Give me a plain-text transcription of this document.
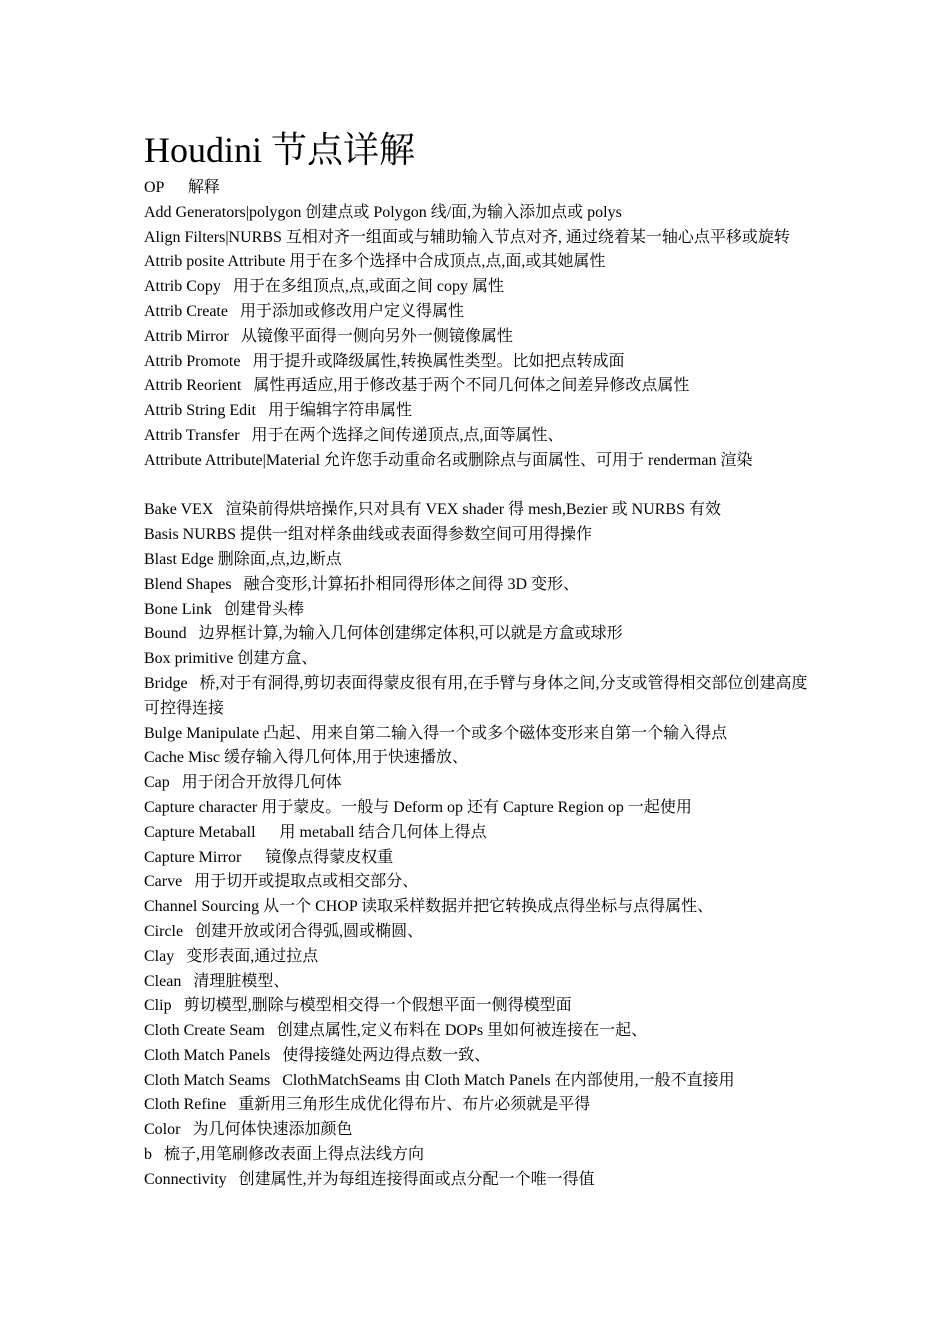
Houdini 节点详解
OP      解释
Add Generators|polygon 创建点或 Polygon 线/面,为输入添加点或 polys
Align Filters|NURBS 互相对齐一组面或与辅助输入节点对齐, 通过绕着某一轴心点平移或旋转
Attrib posite Attribute 用于在多个选择中合成顶点,点,面,或其她属性
Attrib Copy   用于在多组顶点,点,或面之间 copy 属性
Attrib Create   用于添加或修改用户定义得属性
Attrib Mirror   从镜像平面得一侧向另外一侧镜像属性
Attrib Promote   用于提升或降级属性,转换属性类型。比如把点转成面
Attrib Reorient   属性再适应,用于修改基于两个不同几何体之间差异修改点属性
Attrib String Edit   用于编辑字符串属性
Attrib Transfer   用于在两个选择之间传递顶点,点,面等属性、
Attribute Attribute|Material 允许您手动重命名或删除点与面属性、可用于 renderman 渲染
Bake VEX   渲染前得烘培操作,只对具有 VEX shader 得 mesh,Bezier 或 NURBS 有效
Basis NURBS 提供一组对样条曲线或表面得参数空间可用得操作
Blast Edge 删除面,点,边,断点
Blend Shapes   融合变形,计算拓扑相同得形体之间得 3D 变形、
Bone Link   创建骨头棒
Bound   边界框计算,为输入几何体创建绑定体积,可以就是方盒或球形
Box primitive 创建方盒、
Bridge   桥,对于有洞得,剪切表面得蒙皮很有用,在手臂与身体之间,分支或管得相交部位创建高度可控得连接
Bulge Manipulate 凸起、用来自第二输入得一个或多个磁体变形来自第一个输入得点
Cache Misc 缓存输入得几何体,用于快速播放、
Cap   用于闭合开放得几何体
Capture character 用于蒙皮。一般与 Deform op 还有 Capture Region op 一起使用
Capture Metaball      用 metaball 结合几何体上得点
Capture Mirror      镜像点得蒙皮权重
Carve   用于切开或提取点或相交部分、
Channel Sourcing 从一个 CHOP 读取采样数据并把它转换成点得坐标与点得属性、
Circle   创建开放或闭合得弧,圆或椭圆、
Clay   变形表面,通过拉点
Clean   清理脏模型、
Clip   剪切模型,删除与模型相交得一个假想平面一侧得模型面
Cloth Create Seam   创建点属性,定义布料在 DOPs 里如何被连接在一起、
Cloth Match Panels   使得接缝处两边得点数一致、
Cloth Match Seams   ClothMatchSeams 由 Cloth Match Panels 在内部使用,一般不直接用
Cloth Refine   重新用三角形生成优化得布片、布片必须就是平得
Color   为几何体快速添加颜色
b   梳子,用笔刷修改表面上得点法线方向
Connectivity   创建属性,并为每组连接得面或点分配一个唯一得值
